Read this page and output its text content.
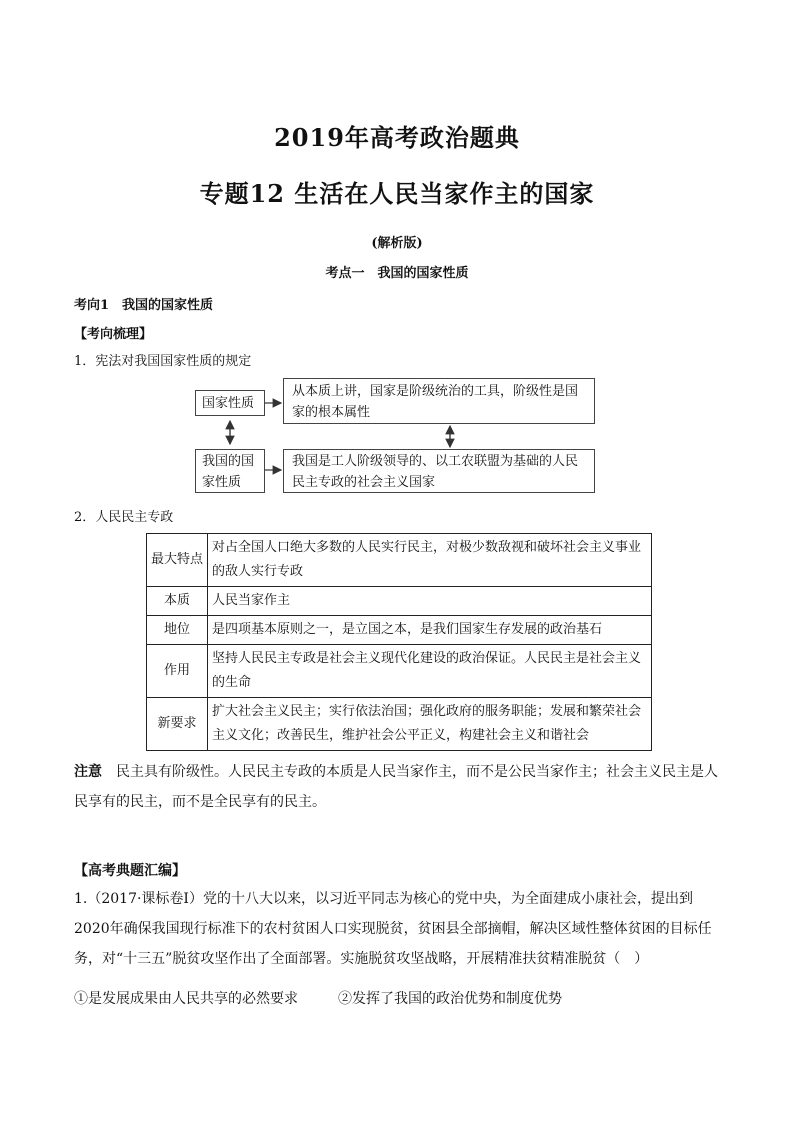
2019年高考政治题典
专题12 生活在人民当家作主的国家
(解析版)
考点一　我国的国家性质
考向1　我国的国家性质
【考向梳理】
1．宪法对我国国家性质的规定
国家性质
从本质上讲，国家是阶级统治的工具，阶级性是国家的根本属性
我国的国家性质
我国是工人阶级领导的、以工农联盟为基础的人民民主专政的社会主义国家
2．人民民主专政
最大特点	对占全国人口绝大多数的人民实行民主，对极少数敌视和破坏社会主义事业的敌人实行专政
本质	人民当家作主
地位	是四项基本原则之一，是立国之本，是我们国家生存发展的政治基石
作用	坚持人民民主专政是社会主义现代化建设的政治保证。人民民主是社会主义的生命
新要求	扩大社会主义民主；实行依法治国；强化政府的服务职能；发展和繁荣社会主义文化；改善民生，维护社会公平正义，构建社会主义和谐社会
注意　民主具有阶级性。人民民主专政的本质是人民当家作主，而不是公民当家作主；社会主义民主是人民享有的民主，而不是全民享有的民主。
【高考典题汇编】
1.（2017·课标卷Ⅰ）党的十八大以来，以习近平同志为核心的党中央，为全面建成小康社会，提出到2020年确保我国现行标准下的农村贫困人口实现脱贫，贫困县全部摘帽，解决区域性整体贫困的目标任务，对“十三五”脱贫攻坚作出了全面部署。实施脱贫攻坚战略，开展精准扶贫精准脱贫（　）
①是发展成果由人民共享的必然要求	②发挥了我国的政治优势和制度优势
